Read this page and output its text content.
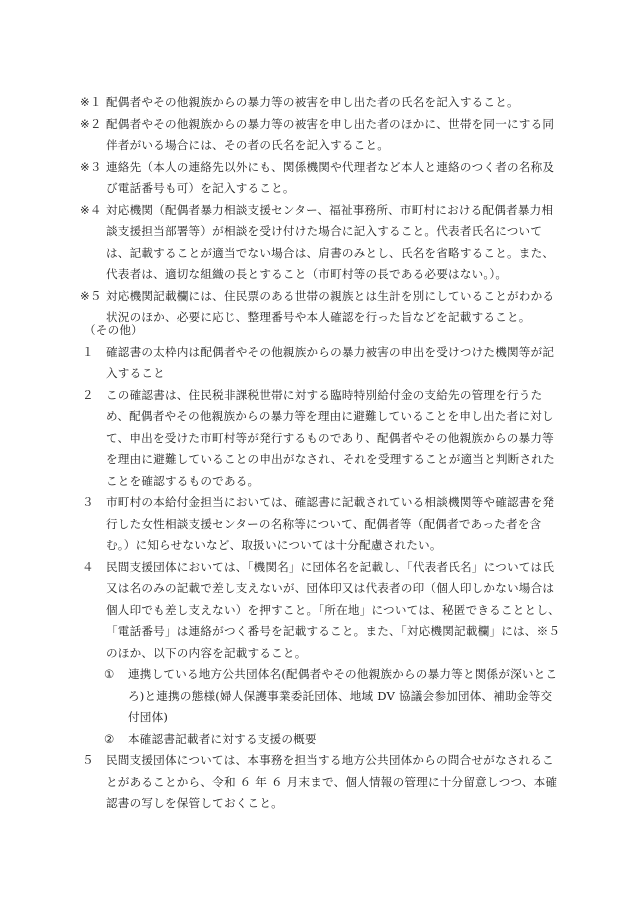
※１ 配偶者やその他親族からの暴力等の被害を申し出た者の氏名を記入すること。
※２ 配偶者やその他親族からの暴力等の被害を申し出た者のほかに、世帯を同一にする同伴者がいる場合には、その者の氏名を記入すること。
※３ 連絡先（本人の連絡先以外にも、関係機関や代理者など本人と連絡のつく者の名称及び電話番号も可）を記入すること。
※４ 対応機関（配偶者暴力相談支援センター、福祉事務所、市町村における配偶者暴力相談支援担当部署等）が相談を受け付けた場合に記入すること。代表者氏名については、記載することが適当でない場合は、肩書のみとし、氏名を省略すること。また、代表者は、適切な組織の長とすること（市町村等の長である必要はない。）。
※５ 対応機関記載欄には、住民票のある世帯の親族とは生計を別にしていることがわかる状況のほか、必要に応じ、整理番号や本人確認を行った旨などを記載すること。
（その他）
１ 確認書の太枠内は配偶者やその他親族からの暴力被害の申出を受けつけた機関等が記入すること
２ この確認書は、住民税非課税世帯に対する臨時特別給付金の支給先の管理を行うため、配偶者やその他親族からの暴力等を理由に避難していることを申し出た者に対して、申出を受けた市町村等が発行するものであり、配偶者やその他親族からの暴力等を理由に避難していることの申出がなされ、それを受理することが適当と判断されたことを確認するものである。
３ 市町村の本給付金担当においては、確認書に記載されている相談機関等や確認書を発行した女性相談支援センターの名称等について、配偶者等（配偶者であった者を含む。）に知らせないなど、取扱いについては十分配慮されたい。
４ 民間支援団体においては、「機関名」に団体名を記載し、「代表者氏名」については氏又は名のみの記載で差し支えないが、団体印又は代表者の印（個人印しかない場合は個人印でも差し支えない）を押すこと。「所在地」については、秘匿できることとし、「電話番号」は連絡がつく番号を記載すること。また、「対応機関記載欄」には、※５のほか、以下の内容を記載すること。
① 連携している地方公共団体名(配偶者やその他親族からの暴力等と関係が深いところ)と連携の態様(婦人保護事業委託団体、地域 DV 協議会参加団体、補助金等交付団体)
② 本確認書記載者に対する支援の概要
５ 民間支援団体については、本事務を担当する地方公共団体からの問合せがなされることがあることから、令和 ６ 年 ６ 月末まで、個人情報の管理に十分留意しつつ、本確認書の写しを保管しておくこと。
